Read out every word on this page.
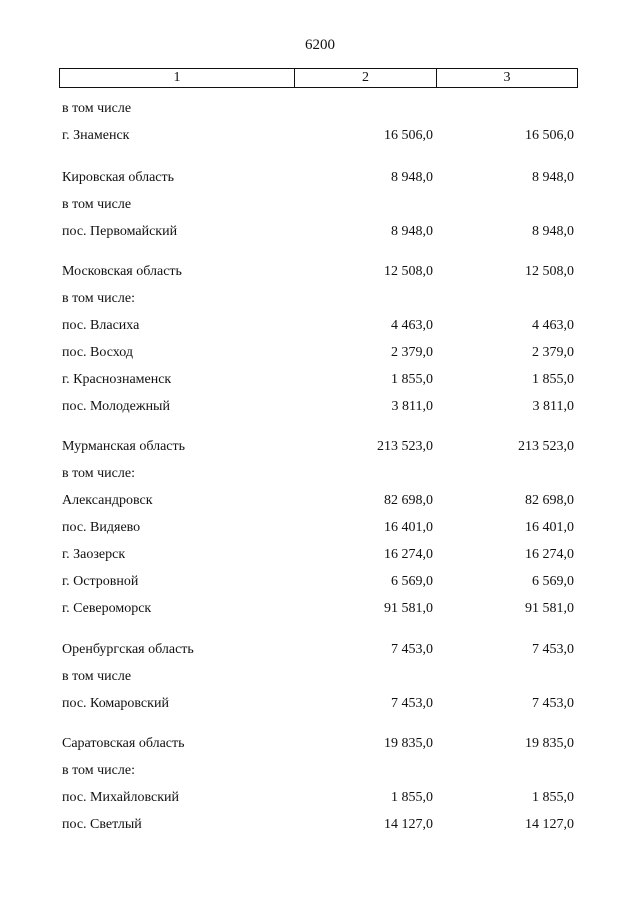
6200
1	2	3
в том числе
г. Знаменск	16 506,0	16 506,0
Кировская область	8 948,0	8 948,0
в том числе
пос. Первомайский	8 948,0	8 948,0
Московская область	12 508,0	12 508,0
в том числе:
пос. Власиха	4 463,0	4 463,0
пос. Восход	2 379,0	2 379,0
г. Краснознаменск	1 855,0	1 855,0
пос. Молодежный	3 811,0	3 811,0
Мурманская область	213 523,0	213 523,0
в том числе:
Александровск	82 698,0	82 698,0
пос. Видяево	16 401,0	16 401,0
г. Заозерск	16 274,0	16 274,0
г. Островной	6 569,0	6 569,0
г. Североморск	91 581,0	91 581,0
Оренбургская область	7 453,0	7 453,0
в том числе
пос. Комаровский	7 453,0	7 453,0
Саратовская область	19 835,0	19 835,0
в том числе:
пос. Михайловский	1 855,0	1 855,0
пос. Светлый	14 127,0	14 127,0
